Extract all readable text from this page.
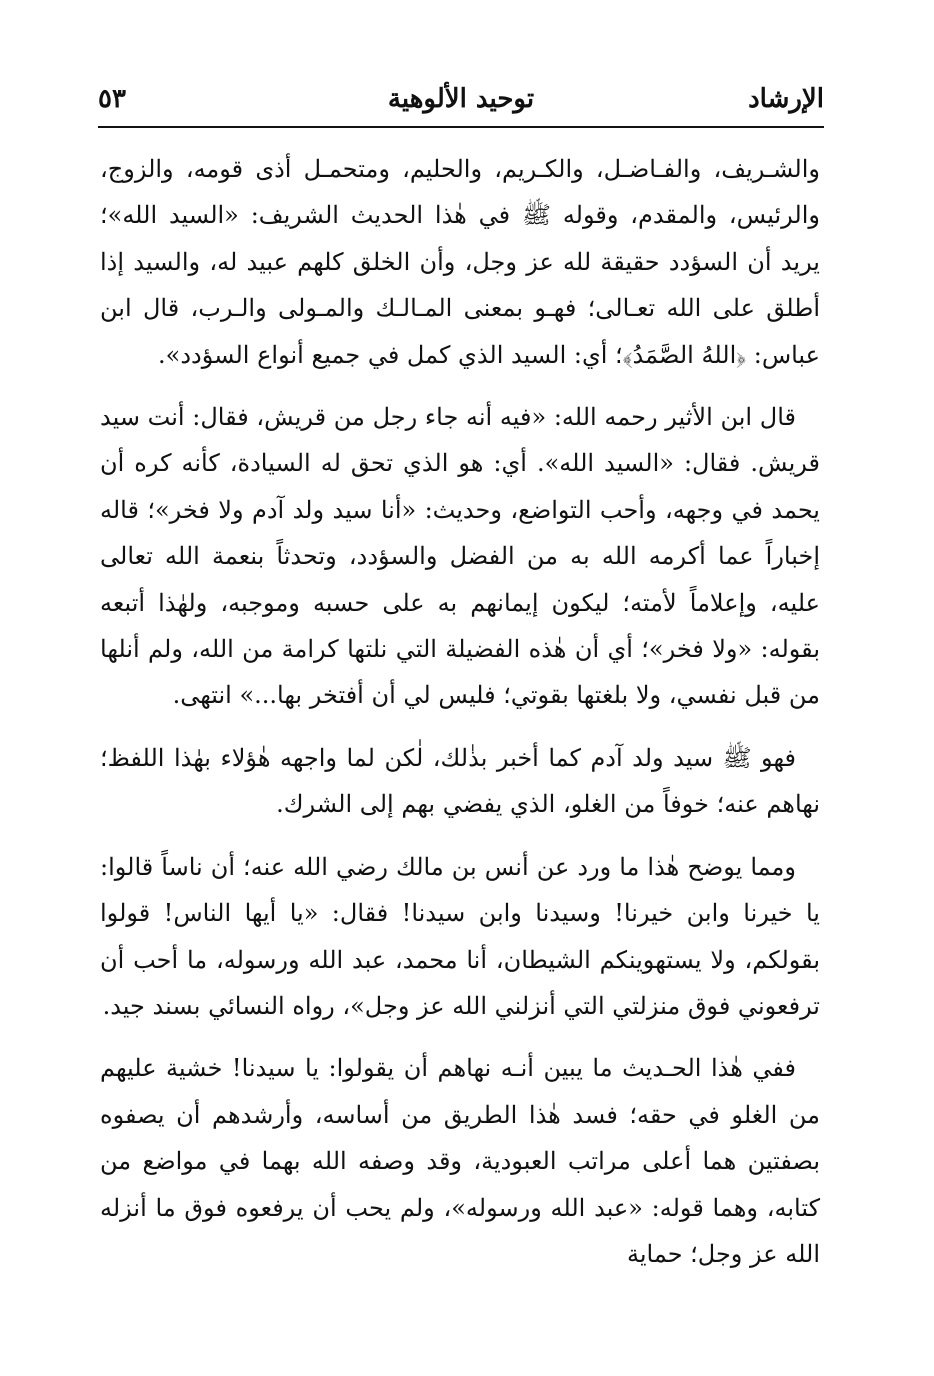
الإرشاد
توحيد الألوهية
٥٣

والشـريف، والفـاضـل، والكـريم، والحليم، ومتحمـل أذى قومه، والزوج، والرئيس، والمقدم، وقوله ﷺ في هٰذا الحديث الشريف: «السيد الله»؛ يريد أن السؤدد حقيقة لله عز وجل، وأن الخلق كلهم عبيد له، والسيد إذا أطلق على الله تعـالى؛ فهـو بمعنى المـالـك والمـولى والـرب، قال ابن عباس: ﴿اللهُ الصَّمَدُ﴾؛ أي: السيد الذي كمل في جميع أنواع السؤدد».

قال ابن الأثير رحمه الله: «فيه أنه جاء رجل من قريش، فقال: أنت سيد قريش. فقال: «السيد الله». أي: هو الذي تحق له السيادة، كأنه كره أن يحمد في وجهه، وأحب التواضع، وحديث: «أنا سيد ولد آدم ولا فخر»؛ قاله إخباراً عما أكرمه الله به من الفضل والسؤدد، وتحدثاً بنعمة الله تعالى عليه، وإعلاماً لأمته؛ ليكون إيمانهم به على حسبه وموجبه، ولهٰذا أتبعه بقوله: «ولا فخر»؛ أي أن هٰذه الفضيلة التي نلتها كرامة من الله، ولم أنلها من قبل نفسي، ولا بلغتها بقوتي؛ فليس لي أن أفتخر بها...» انتهى.

فهو ﷺ سيد ولد آدم كما أخبر بذٰلك، لٰكن لما واجهه هٰؤلاء بهٰذا اللفظ؛ نهاهم عنه؛ خوفاً من الغلو، الذي يفضي بهم إلى الشرك.

ومما يوضح هٰذا ما ورد عن أنس بن مالك رضي الله عنه؛ أن ناساً قالوا: يا خيرنا وابن خيرنا! وسيدنا وابن سيدنا! فقال: «يا أيها الناس! قولوا بقولكم، ولا يستهوينكم الشيطان، أنا محمد، عبد الله ورسوله، ما أحب أن ترفعوني فوق منزلتي التي أنزلني الله عز وجل»، رواه النسائي بسند جيد.

ففي هٰذا الحـديث ما يبين أنـه نهاهم أن يقولوا: يا سيدنا! خشية عليهم من الغلو في حقه؛ فسد هٰذا الطريق من أساسه، وأرشدهم أن يصفوه بصفتين هما أعلى مراتب العبودية، وقد وصفه الله بهما في مواضع من كتابه، وهما قوله: «عبد الله ورسوله»، ولم يحب أن يرفعوه فوق ما أنزله الله عز وجل؛ حماية
